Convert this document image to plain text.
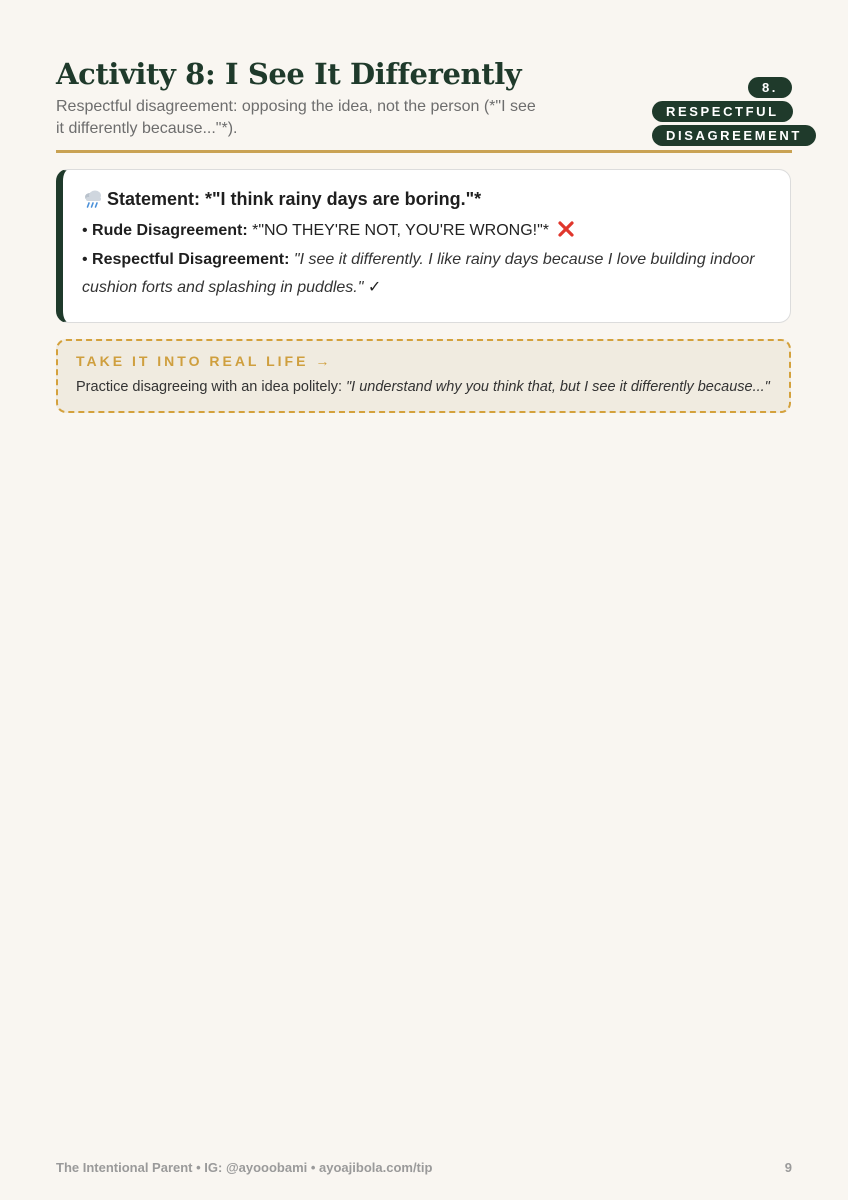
Activity 8: I See It Differently

Respectful disagreement: opposing the idea, not the person (*"I see it differently because..."*).

8. RESPECTFUL DISAGREEMENT
Statement: *"I think rainy days are boring."*
• Rude Disagreement: *"NO THEY'RE NOT, YOU'RE WRONG!"*
• Respectful Disagreement: "I see it differently. I like rainy days because I love building indoor cushion forts and splashing in puddles." ✓
TAKE IT INTO REAL LIFE →
Practice disagreeing with an idea politely: "I understand why you think that, but I see it differently because..."
The Intentional Parent • IG: @ayooobami • ayoajibola.com/tip	9
